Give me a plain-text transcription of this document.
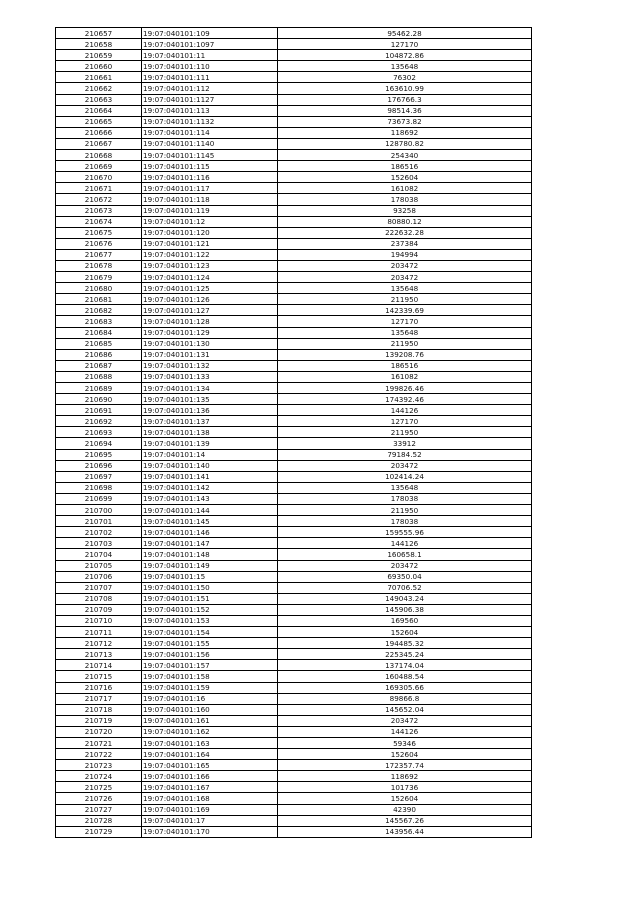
210657	19:07:040101:109	95462.28
210658	19:07:040101:1097	127170
210659	19:07:040101:11	104872.86
210660	19:07:040101:110	135648
210661	19:07:040101:111	76302
210662	19:07:040101:112	163610.99
210663	19:07:040101:1127	176766.3
210664	19:07:040101:113	98514.36
210665	19:07:040101:1132	73673.82
210666	19:07:040101:114	118692
210667	19:07:040101:1140	128780.82
210668	19:07:040101:1145	254340
210669	19:07:040101:115	186516
210670	19:07:040101:116	152604
210671	19:07:040101:117	161082
210672	19:07:040101:118	178038
210673	19:07:040101:119	93258
210674	19:07:040101:12	80880.12
210675	19:07:040101:120	222632.28
210676	19:07:040101:121	237384
210677	19:07:040101:122	194994
210678	19:07:040101:123	203472
210679	19:07:040101:124	203472
210680	19:07:040101:125	135648
210681	19:07:040101:126	211950
210682	19:07:040101:127	142339.69
210683	19:07:040101:128	127170
210684	19:07:040101:129	135648
210685	19:07:040101:130	211950
210686	19:07:040101:131	139208.76
210687	19:07:040101:132	186516
210688	19:07:040101:133	161082
210689	19:07:040101:134	199826.46
210690	19:07:040101:135	174392.46
210691	19:07:040101:136	144126
210692	19:07:040101:137	127170
210693	19:07:040101:138	211950
210694	19:07:040101:139	33912
210695	19:07:040101:14	79184.52
210696	19:07:040101:140	203472
210697	19:07:040101:141	102414.24
210698	19:07:040101:142	135648
210699	19:07:040101:143	178038
210700	19:07:040101:144	211950
210701	19:07:040101:145	178038
210702	19:07:040101:146	159555.96
210703	19:07:040101:147	144126
210704	19:07:040101:148	160658.1
210705	19:07:040101:149	203472
210706	19:07:040101:15	69350.04
210707	19:07:040101:150	70706.52
210708	19:07:040101:151	149043.24
210709	19:07:040101:152	145906.38
210710	19:07:040101:153	169560
210711	19:07:040101:154	152604
210712	19:07:040101:155	194485.32
210713	19:07:040101:156	225345.24
210714	19:07:040101:157	137174.04
210715	19:07:040101:158	160488.54
210716	19:07:040101:159	169305.66
210717	19:07:040101:16	89866.8
210718	19:07:040101:160	145652.04
210719	19:07:040101:161	203472
210720	19:07:040101:162	144126
210721	19:07:040101:163	59346
210722	19:07:040101:164	152604
210723	19:07:040101:165	172357.74
210724	19:07:040101:166	118692
210725	19:07:040101:167	101736
210726	19:07:040101:168	152604
210727	19:07:040101:169	42390
210728	19:07:040101:17	145567.26
210729	19:07:040101:170	143956.44
